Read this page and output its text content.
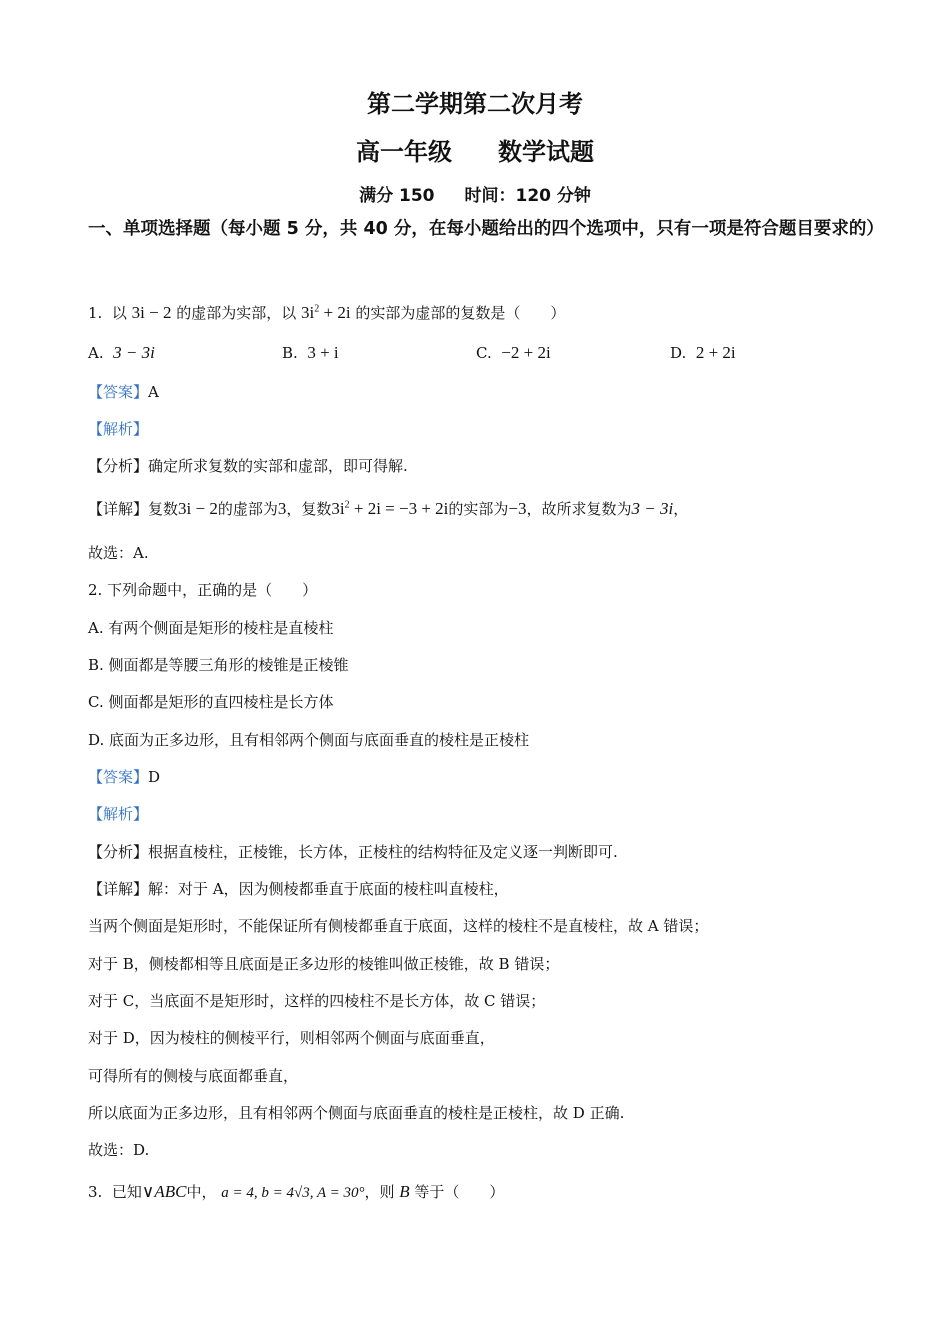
第二学期第二次月考
高一年级 数学试题
满分 150 时间：120 分钟
一、单项选择题（每小题 5 分，共 40 分，在每小题给出的四个选项中，只有一项是符合题目要求的）
1. 以 3i − 2 的虚部为实部，以 $3i^2 + 2i$ 的实部为虚部的复数是（　　）
A. 3 − 3i	B. 3 + i	C. −2 + 2i	D. 2 + 2i
【答案】A
【解析】
【分析】确定所求复数的实部和虚部，即可得解.
【详解】复数3i − 2的虚部为3，复数$3i^2 + 2i = -3 + 2i$的实部为−3，故所求复数为3 − 3i，
故选：A.
2. 下列命题中，正确的是（　　）
A. 有两个侧面是矩形的棱柱是直棱柱
B. 侧面都是等腰三角形的棱锥是正棱锥
C. 侧面都是矩形的直四棱柱是长方体
D. 底面为正多边形，且有相邻两个侧面与底面垂直的棱柱是正棱柱
【答案】D
【解析】
【分析】根据直棱柱，正棱锥，长方体，正棱柱的结构特征及定义逐一判断即可.
【详解】解：对于 A，因为侧棱都垂直于底面的棱柱叫直棱柱，
当两个侧面是矩形时，不能保证所有侧棱都垂直于底面，这样的棱柱不是直棱柱，故 A 错误；
对于 B，侧棱都相等且底面是正多边形的棱锥叫做正棱锥，故 B 错误；
对于 C，当底面不是矩形时，这样的四棱柱不是长方体，故 C 错误；
对于 D，因为棱柱的侧棱平行，则相邻两个侧面与底面垂直，
可得所有的侧棱与底面都垂直，
所以底面为正多边形，且有相邻两个侧面与底面垂直的棱柱是正棱柱，故 D 正确.
故选：D.
3. 已知∨ABC中， a = 4, b = 4√3, A = 30°，则 B 等于（　　）
